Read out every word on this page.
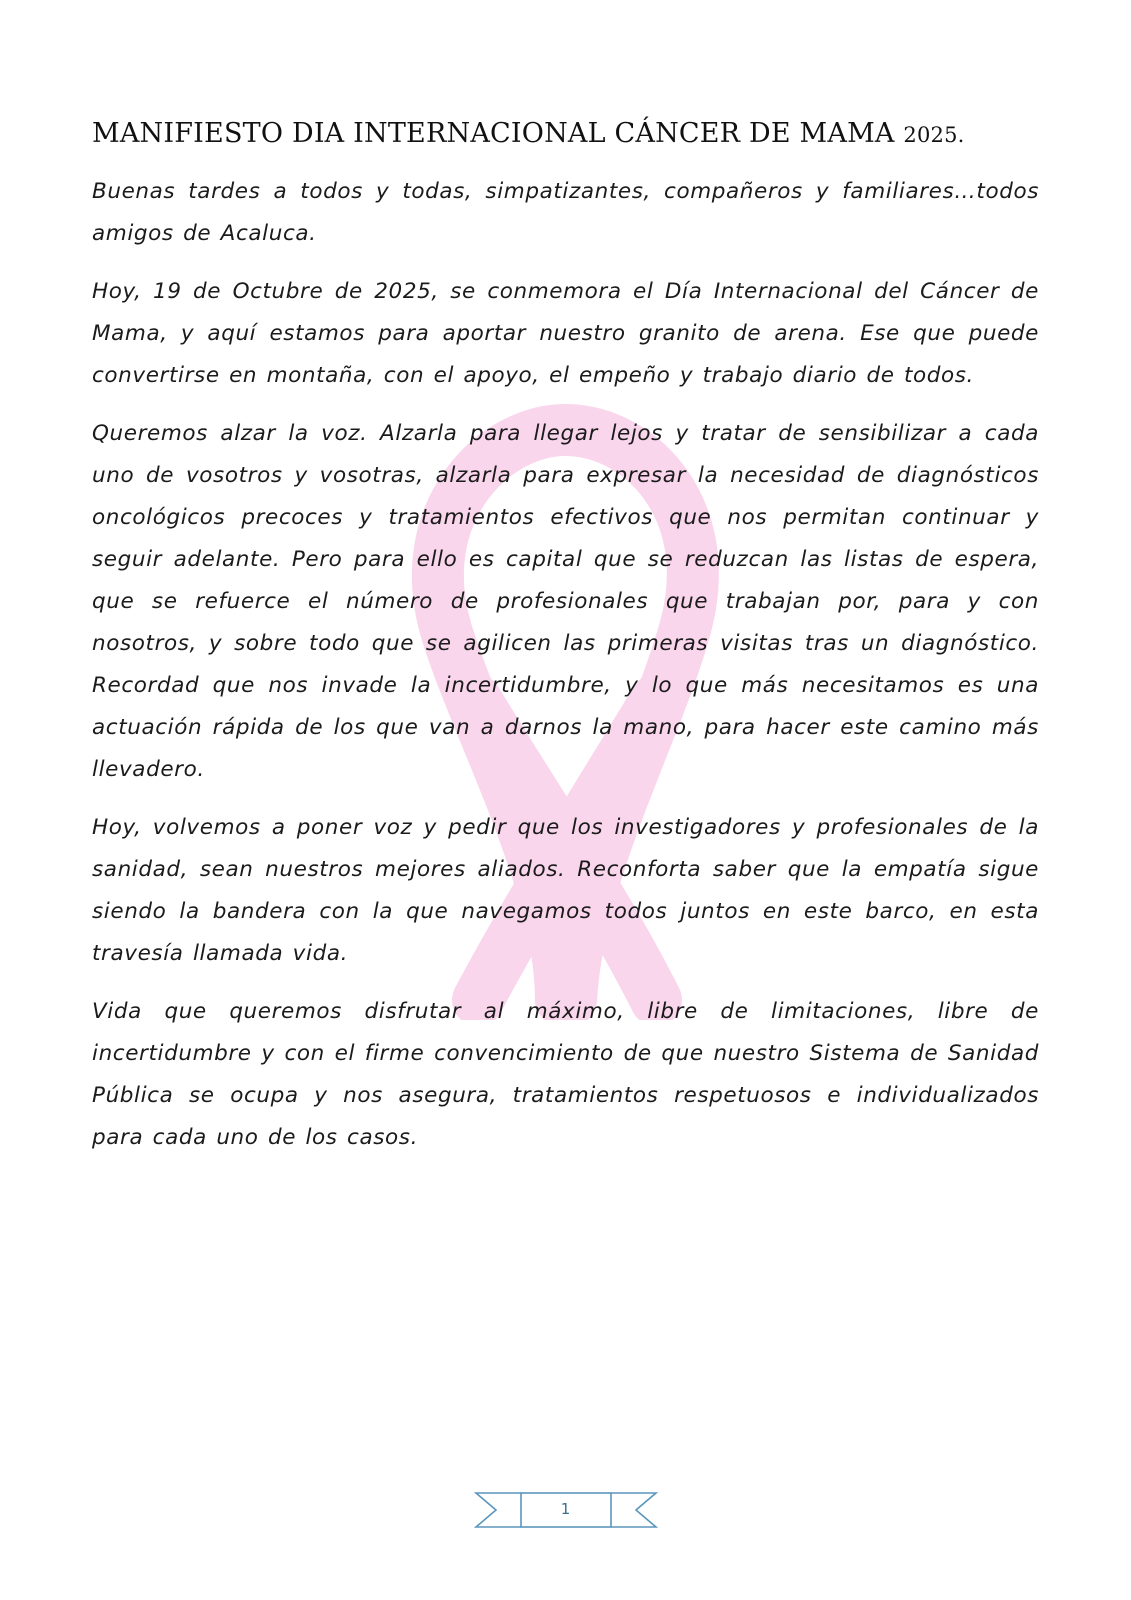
MANIFIESTO DIA INTERNACIONAL CÁNCER DE MAMA 2025.

Buenas tardes a todos y todas, simpatizantes, compañeros y familiares…todos amigos de Acaluca.

Hoy, 19 de Octubre de 2025, se conmemora el Día Internacional del Cáncer de Mama, y aquí estamos para aportar nuestro granito de arena. Ese que puede convertirse en montaña, con el apoyo, el empeño y trabajo diario de todos.

Queremos alzar la voz. Alzarla para llegar lejos y tratar de sensibilizar a cada uno de vosotros y vosotras, alzarla para expresar la necesidad de diagnósticos oncológicos precoces y tratamientos efectivos que nos permitan continuar y seguir adelante. Pero para ello es capital que se reduzcan las listas de espera, que se refuerce el número de profesionales que trabajan por, para y con nosotros, y sobre todo que se agilicen las primeras visitas tras un diagnóstico. Recordad que nos invade la incertidumbre, y lo que más necesitamos es una actuación rápida de los que van a darnos la mano, para hacer este camino más llevadero.

Hoy, volvemos a poner voz y pedir que los investigadores y profesionales de la sanidad, sean nuestros mejores aliados. Reconforta saber que la empatía sigue siendo la bandera con la que navegamos todos juntos en este barco, en esta travesía llamada vida.

Vida que queremos disfrutar al máximo, libre de limitaciones, libre de incertidumbre y con el firme convencimiento de que nuestro Sistema de Sanidad Pública se ocupa y nos asegura, tratamientos respetuosos e individualizados para cada uno de los casos.

1
